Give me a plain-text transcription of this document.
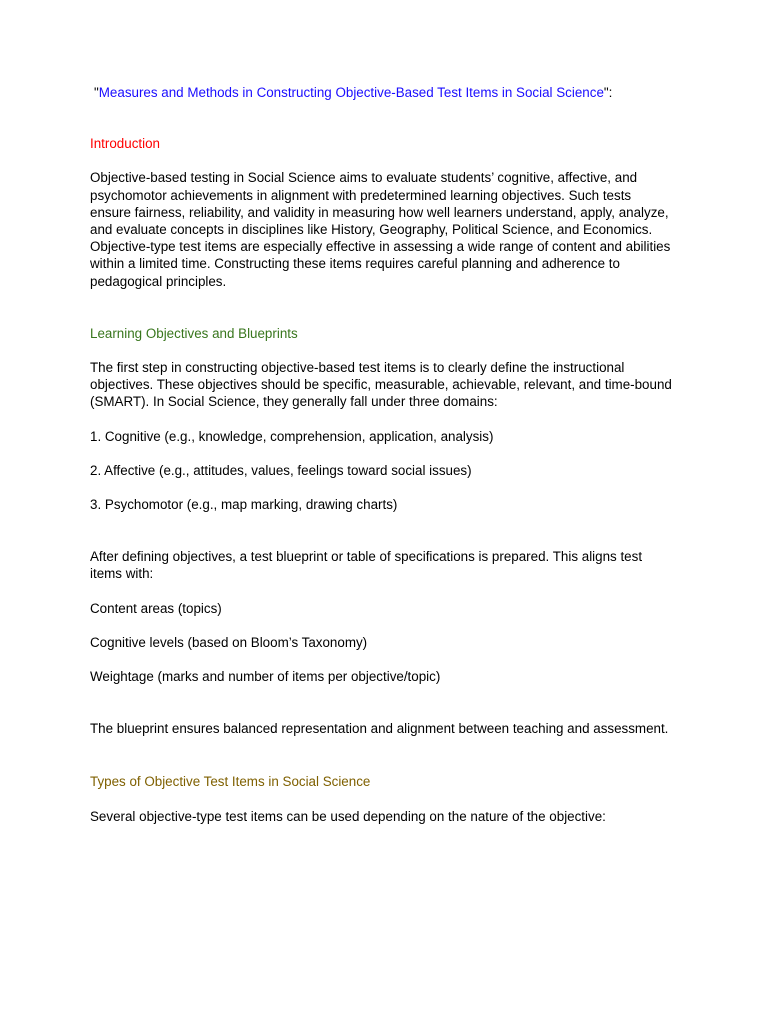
"Measures and Methods in Constructing Objective-Based Test Items in Social Science":

Introduction

Objective-based testing in Social Science aims to evaluate students’ cognitive, affective, and psychomotor achievements in alignment with predetermined learning objectives. Such tests ensure fairness, reliability, and validity in measuring how well learners understand, apply, analyze, and evaluate concepts in disciplines like History, Geography, Political Science, and Economics. Objective-type test items are especially effective in assessing a wide range of content and abilities within a limited time. Constructing these items requires careful planning and adherence to pedagogical principles.

Learning Objectives and Blueprints

The first step in constructing objective-based test items is to clearly define the instructional objectives. These objectives should be specific, measurable, achievable, relevant, and time-bound (SMART). In Social Science, they generally fall under three domains:

1. Cognitive (e.g., knowledge, comprehension, application, analysis)

2. Affective (e.g., attitudes, values, feelings toward social issues)

3. Psychomotor (e.g., map marking, drawing charts)

After defining objectives, a test blueprint or table of specifications is prepared. This aligns test items with:

Content areas (topics)

Cognitive levels (based on Bloom’s Taxonomy)

Weightage (marks and number of items per objective/topic)

The blueprint ensures balanced representation and alignment between teaching and assessment.

Types of Objective Test Items in Social Science

Several objective-type test items can be used depending on the nature of the objective:
